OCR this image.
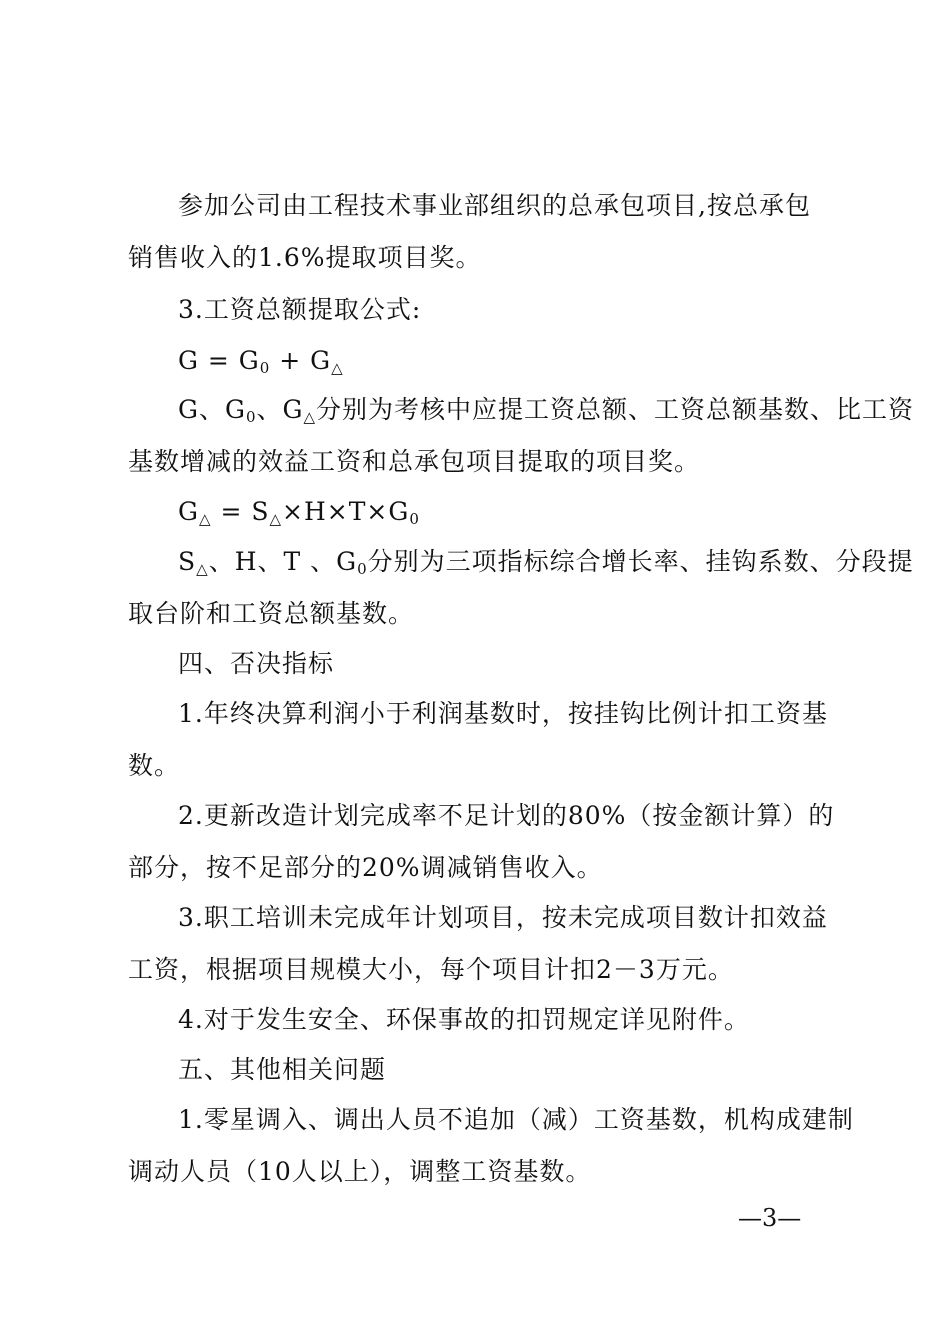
参加公司由工程技术事业部组织的总承包项目,按总承包

销售收入的1.6%提取项目奖。

3.工资总额提取公式:

G = G0 + G△

G、G0、G△分别为考核中应提工资总额、工资总额基数、比工资

基数增减的效益工资和总承包项目提取的项目奖。

G△ = S△×H×T×G0

S△、H、T 、G0分别为三项指标综合增长率、挂钩系数、分段提

取台阶和工资总额基数。

四、否决指标

1.年终决算利润小于利润基数时，按挂钩比例计扣工资基

数。

2.更新改造计划完成率不足计划的80%（按金额计算）的

部分，按不足部分的20%调减销售收入。

3.职工培训未完成年计划项目，按未完成项目数计扣效益

工资，根据项目规模大小，每个项目计扣2－3万元。

4.对于发生安全、环保事故的扣罚规定详见附件。

五、其他相关问题

1.零星调入、调出人员不追加（减）工资基数，机构成建制

调动人员（10人以上），调整工资基数。

—3—
